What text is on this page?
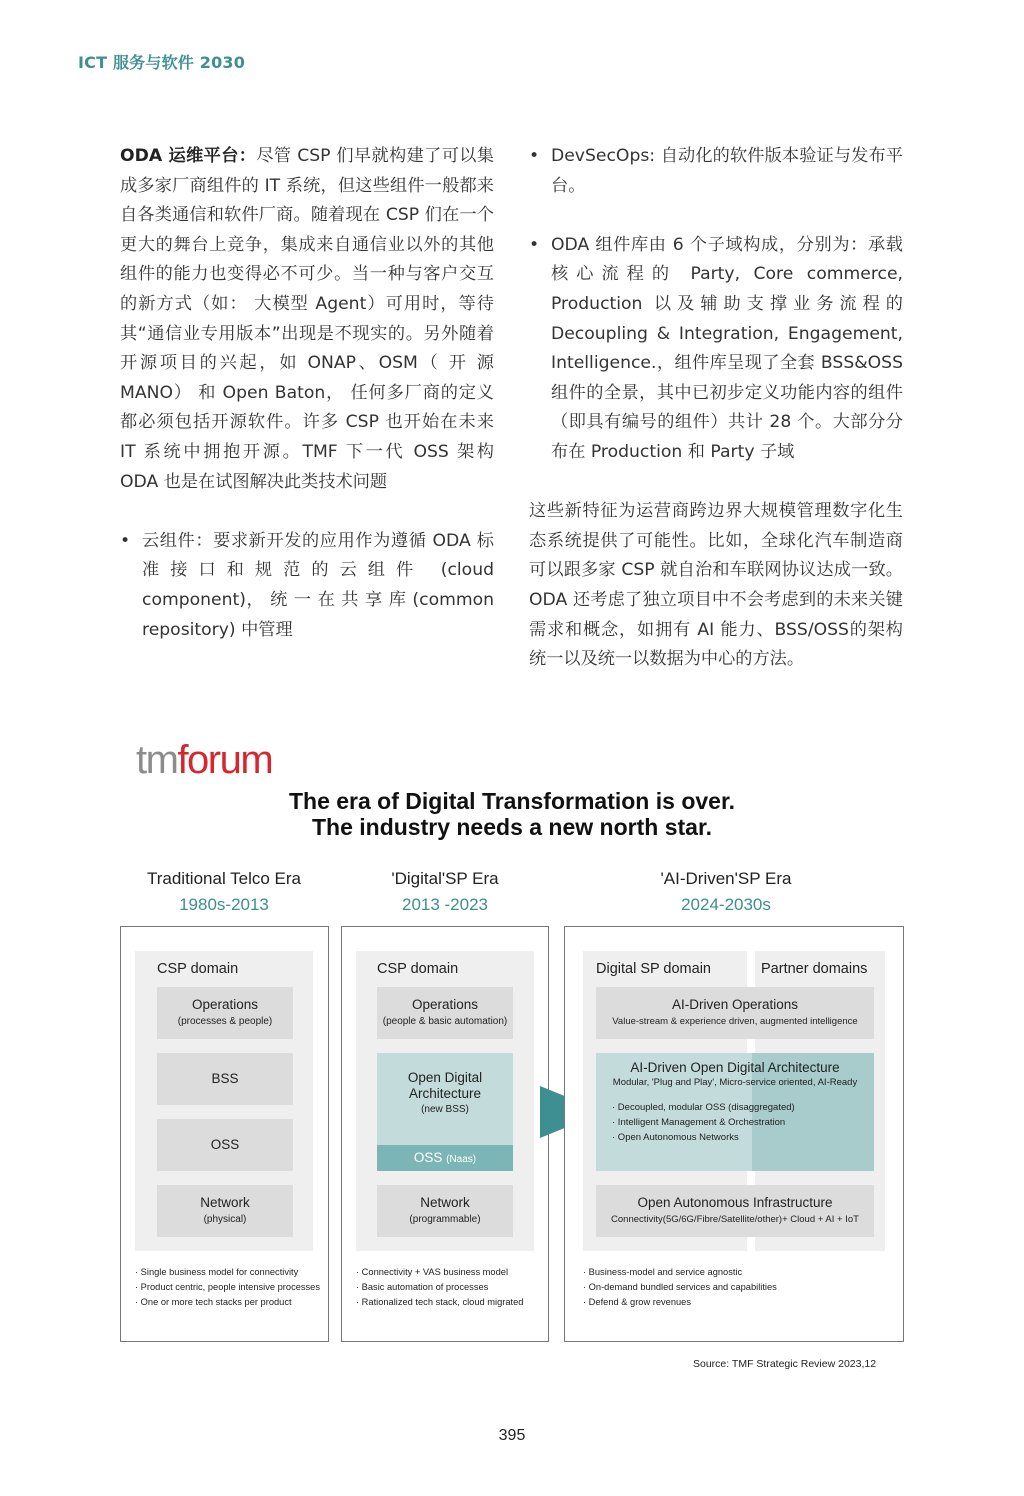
ICT 服务与软件 2030

ODA 运维平台：尽管 CSP 们早就构建了可以集成多家厂商组件的 IT 系统，但这些组件一般都来自各类通信和软件厂商。随着现在 CSP 们在一个更大的舞台上竞争，集成来自通信业以外的其他组件的能力也变得必不可少。当一种与客户交互的新方式（如： 大模型 Agent）可用时，等待其“通信业专用版本”出现是不现实的。另外随着开源项目的兴起，如 ONAP、OSM（ 开 源 MANO） 和 Open Baton， 任何多厂商的定义都必须包括开源软件。许多 CSP 也开始在未来 IT 系统中拥抱开源。TMF 下一代 OSS 架构 ODA 也是在试图解决此类技术问题

• 云组件：要求新开发的应用作为遵循 ODA 标准接口和规范的云组件 (cloud component)， 统 一 在 共 享 库 (common repository) 中管理

• DevSecOps: 自动化的软件版本验证与发布平台。

• ODA 组件库由 6 个子域构成，分别为：承载核心流程的 Party, Core commerce, Production 以及辅助支撑业务流程的 Decoupling & Integration, Engagement, Intelligence.，组件库呈现了全套 BSS&OSS 组件的全景，其中已初步定义功能内容的组件（即具有编号的组件）共计 28 个。大部分分布在 Production 和 Party 子域

这些新特征为运营商跨边界大规模管理数字化生态系统提供了可能性。比如，全球化汽车制造商可以跟多家 CSP 就自治和车联网协议达成一致。 ODA 还考虑了独立项目中不会考虑到的未来关键需求和概念，如拥有 AI 能力、BSS/OSS的架构统一以及统一以数据为中心的方法。

tmforum
The era of Digital Transformation is over.
The industry needs a new north star.
Traditional Telco Era
1980s-2013
'Digital'SP Era
2013 -2023
'AI-Driven'SP Era
2024-2030s
CSP domain
Operations
(processes & people)
BSS
OSS
Network
(physical)
· Single business model for connectivity
· Product centric, people intensive processes
· One or more tech stacks per product
CSP domain
Operations
(people & basic automation)
Open Digital Architecture
(new BSS)
OSS (Naas)
Network
(programmable)
· Connectivity + VAS business model
· Basic automation of processes
· Rationalized tech stack, cloud migrated
Digital SP domain	Partner domains
AI-Driven Operations
Value-stream & experience driven, augmented intelligence
AI-Driven Open Digital Architecture
Modular, 'Plug and Play', Micro-service oriented, AI-Ready
· Decoupled, modular OSS (disaggregated)
· Intelligent Management & Orchestration
· Open Autonomous Networks
Open Autonomous Infrastructure
Connectivity(5G/6G/Fibre/Satellite/other)+ Cloud + AI + IoT
· Business-model and service agnostic
· On-demand bundled services and capabilities
· Defend & grow revenues
Source: TMF Strategic Review 2023,12
395
